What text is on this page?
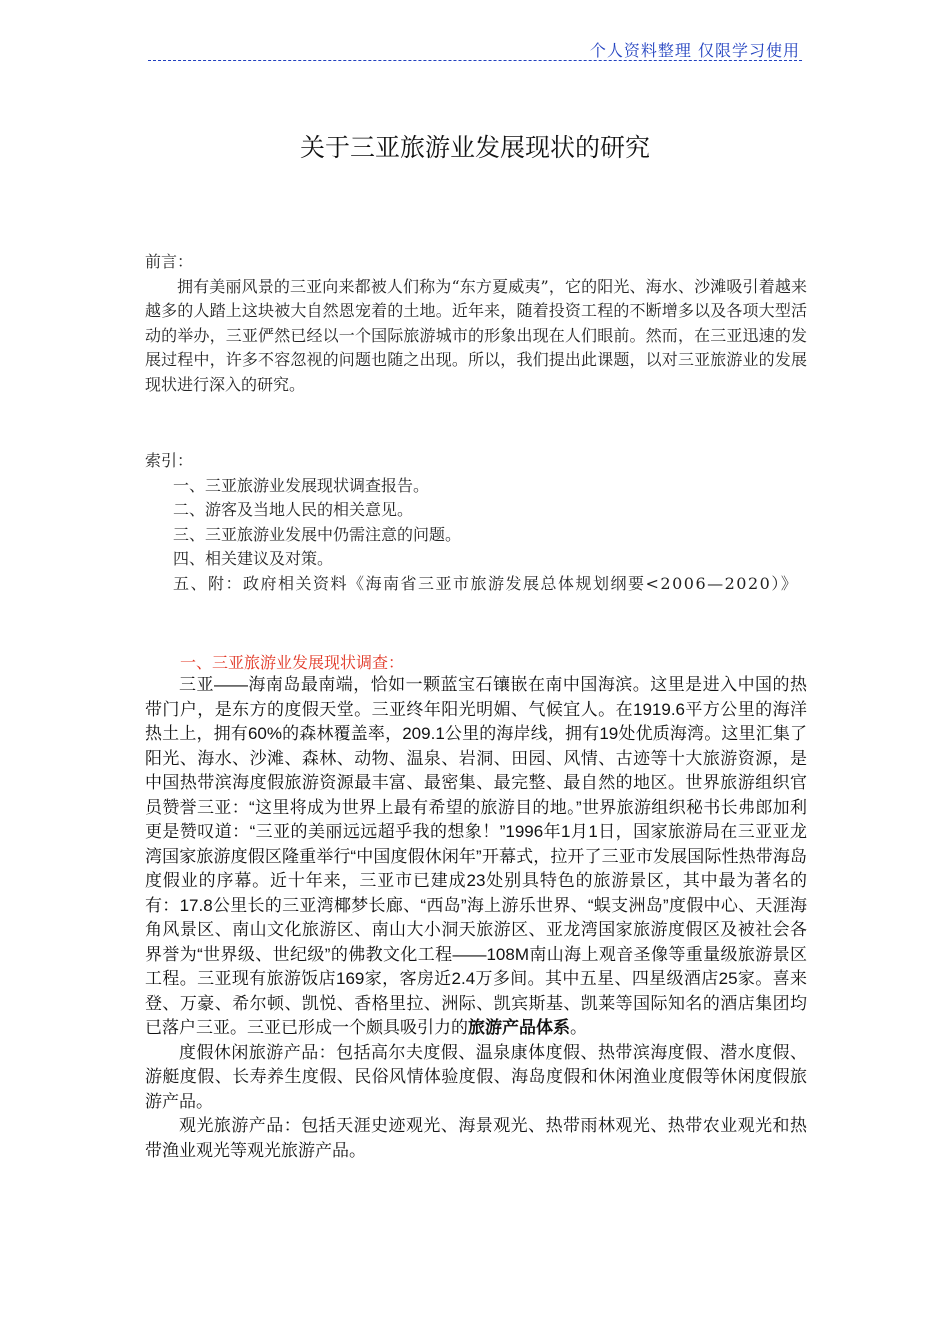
个人资料整理 仅限学习使用
关于三亚旅游业发展现状的研究
前言：

拥有美丽风景的三亚向来都被人们称为“东方夏威夷”，它的阳光、海水、沙滩吸引着越来越多的人踏上这块被大自然恩宠着的土地。近年来，随着投资工程的不断增多以及各项大型活动的举办，三亚俨然已经以一个国际旅游城市的形象出现在人们眼前。然而，在三亚迅速的发展过程中，许多不容忽视的问题也随之出现。所以，我们提出此课题，以对三亚旅游业的发展现状进行深入的研究。

索引：
一、三亚旅游业发展现状调查报告。
二、游客及当地人民的相关意见。
三、三亚旅游业发展中仍需注意的问题。
四、相关建议及对策。
五、附：政府相关资料《海南省三亚市旅游发展总体规划纲要<2006—2020）》
一、三亚旅游业发展现状调查：

三亚——海南岛最南端，恰如一颗蓝宝石镶嵌在南中国海滨。这里是进入中国的热带门户，是东方的度假天堂。三亚终年阳光明媚、气候宜人。在1919.6平方公里的海洋热土上，拥有60%的森林覆盖率，209.1公里的海岸线，拥有19处优质海湾。这里汇集了阳光、海水、沙滩、森林、动物、温泉、岩洞、田园、风情、古迹等十大旅游资源，是中国热带滨海度假旅游资源最丰富、最密集、最完整、最自然的地区。世界旅游组织官员赞誉三亚：“这里将成为世界上最有希望的旅游目的地。”世界旅游组织秘书长弗郎加利更是赞叹道：“三亚的美丽远远超乎我的想象！”1996年1月1日，国家旅游局在三亚亚龙湾国家旅游度假区隆重举行“中国度假休闲年”开幕式，拉开了三亚市发展国际性热带海岛度假业的序幕。近十年来，三亚市已建成23处别具特色的旅游景区，其中最为著名的有：17.8公里长的三亚湾椰梦长廊、“西岛”海上游乐世界、“蜈支洲岛”度假中心、天涯海角风景区、南山文化旅游区、南山大小洞天旅游区、亚龙湾国家旅游度假区及被社会各界誉为“世界级、世纪级”的佛教文化工程——108M南山海上观音圣像等重量级旅游景区工程。三亚现有旅游饭店169家，客房近2.4万多间。其中五星、四星级酒店25家。喜来登、万豪、希尔顿、凯悦、香格里拉、洲际、凯宾斯基、凯莱等国际知名的酒店集团均已落户三亚。三亚已形成一个颇具吸引力的旅游产品体系。

度假休闲旅游产品：包括高尔夫度假、温泉康体度假、热带滨海度假、潜水度假、游艇度假、长寿养生度假、民俗风情体验度假、海岛度假和休闲渔业度假等休闲度假旅游产品。

观光旅游产品：包括天涯史迹观光、海景观光、热带雨林观光、热带农业观光和热带渔业观光等观光旅游产品。
